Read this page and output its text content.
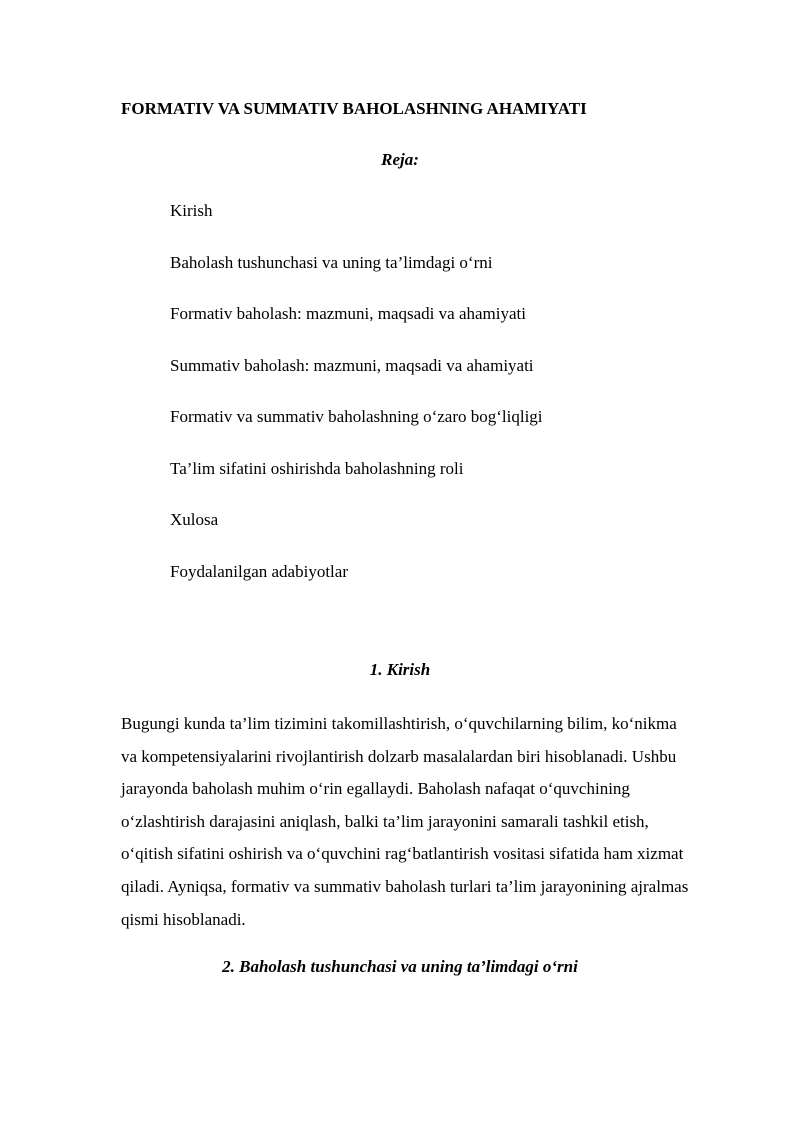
FORMATIV VA SUMMATIV BAHOLASHNING AHAMIYATI
Reja:
Kirish
Baholash tushunchasi va uning ta’limdagi o‘rni
Formativ baholash: mazmuni, maqsadi va ahamiyati
Summativ baholash: mazmuni, maqsadi va ahamiyati
Formativ va summativ baholashning o‘zaro bog‘liqligi
Ta’lim sifatini oshirishda baholashning roli
Xulosa
Foydalanilgan adabiyotlar
1. Kirish

Bugungi kunda ta’lim tizimini takomillashtirish, o‘quvchilarning bilim, ko‘nikma va kompetensiyalarini rivojlantirish dolzarb masalalardan biri hisoblanadi. Ushbu jarayonda baholash muhim o‘rin egallaydi. Baholash nafaqat o‘quvchining o‘zlashtirish darajasini aniqlash, balki ta’lim jarayonini samarali tashkil etish, o‘qitish sifatini oshirish va o‘quvchini rag‘batlantirish vositasi sifatida ham xizmat qiladi. Ayniqsa, formativ va summativ baholash turlari ta’lim jarayonining ajralmas qismi hisoblanadi.

2. Baholash tushunchasi va uning ta’limdagi o‘rni
